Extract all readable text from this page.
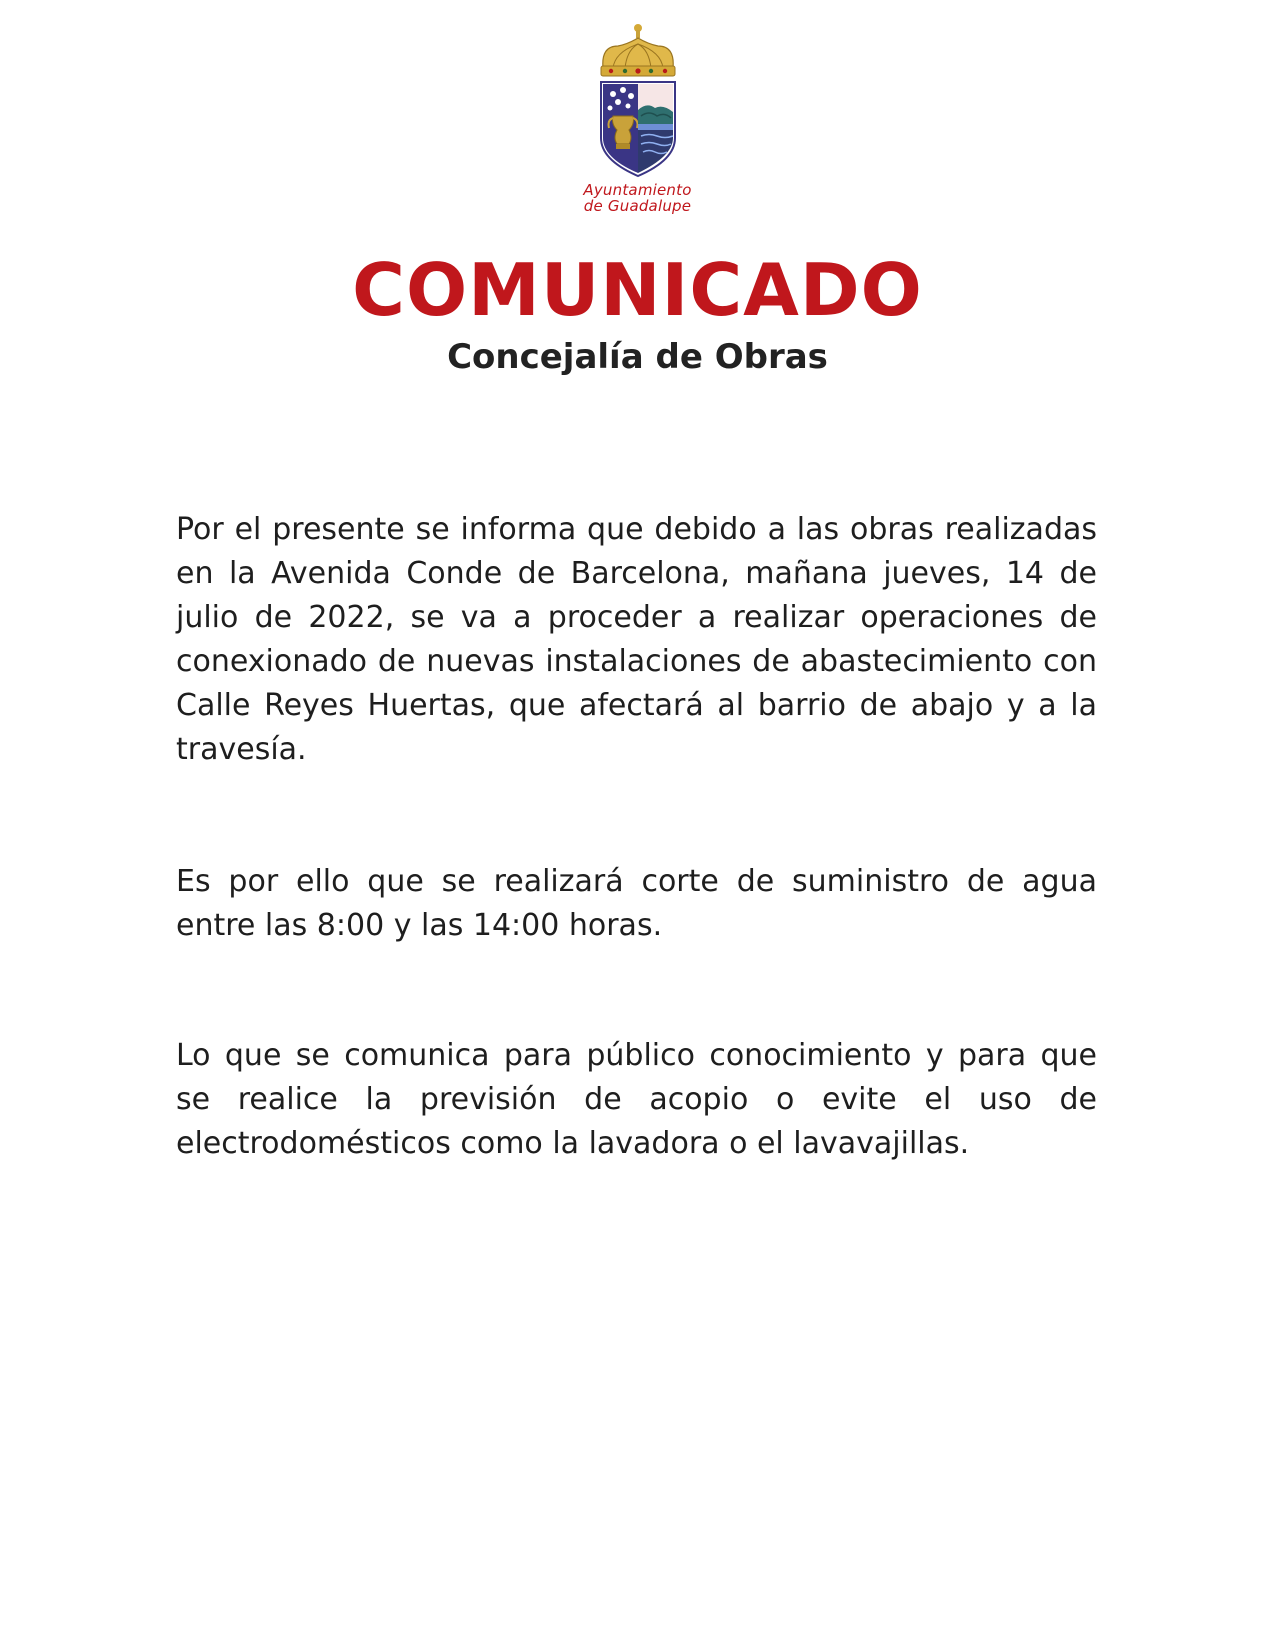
Ayuntamiento
de Guadalupe
COMUNICADO
Concejalía de Obras

Por el presente se informa que debido a las obras realizadas en la Avenida Conde de Barcelona, mañana jueves, 14 de julio de 2022, se va a proceder a realizar operaciones de conexionado de nuevas instalaciones de abastecimiento con Calle Reyes Huertas, que afectará al barrio de abajo y a la travesía.

Es por ello que se realizará corte de suministro de agua entre las 8:00 y las 14:00 horas.

Lo que se comunica para público conocimiento y para que se realice la previsión de acopio o evite el uso de electrodomésticos como la lavadora o el lavavajillas.
